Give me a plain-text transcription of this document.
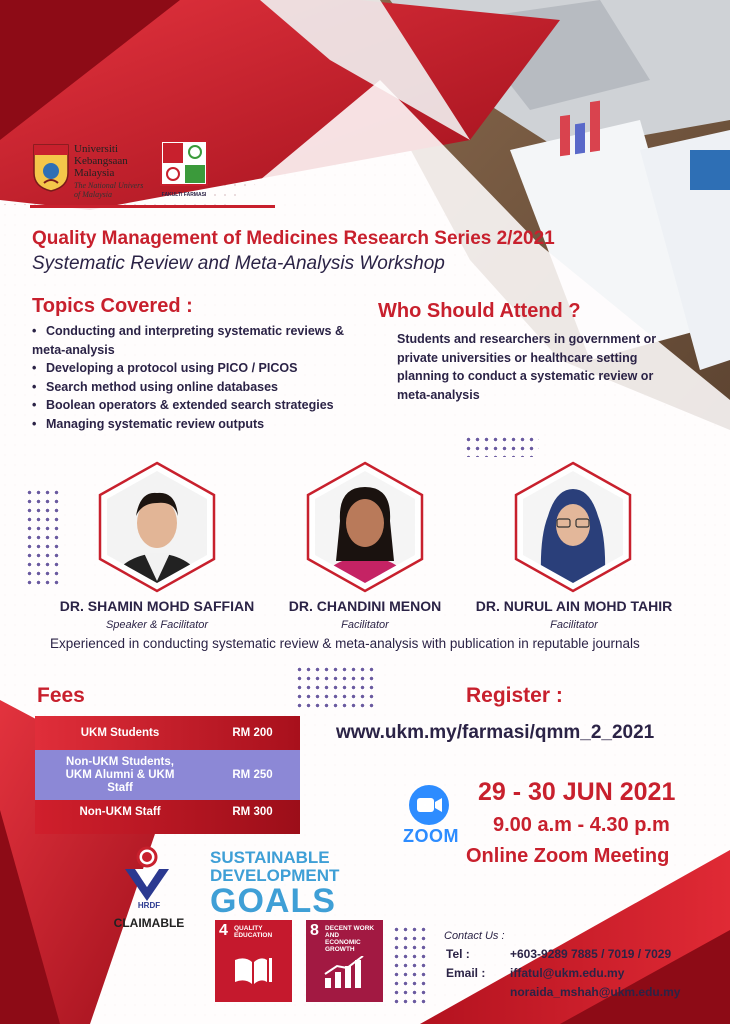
Universiti
Kebangsaan
Malaysia
The National Univers
of Malaysia	FAKULTI FARMASI
Quality Management of Medicines Research Series 2/2021
Systematic Review and Meta-Analysis Workshop
Topics Covered :
• Conducting and interpreting systematic reviews &
meta-analysis
• Developing a protocol using PICO / PICOS
• Search method using online databases
• Boolean operators & extended search strategies
• Managing systematic review outputs
Who Should Attend ?
Students and researchers in government or
private universities or healthcare setting
planning to conduct a systematic review or
meta-analysis
DR. SHAMIN MOHD SAFFIAN
Speaker & Facilitator
DR. CHANDINI MENON
Facilitator
DR. NURUL AIN MOHD TAHIR
Facilitator
Experienced in conducting systematic review & meta-analysis with publication in reputable journals
Fees
UKM Students	RM 200
Non-UKM Students,
UKM Alumni & UKM
Staff
RM 250
Non-UKM Staff	RM 300
Register :
www.ukm.my/farmasi/qmm_2_2021
ZOOM
29 - 30 JUN 2021
9.00 a.m - 4.30 p.m
Online Zoom Meeting
HRDF
CLAIMABLE
SUSTAINABLE
DEVELOPMENT
GOALS
4 QUALITY
EDUCATION 8 DECENT WORK AND
ECONOMIC GROWTH
Contact Us :
Tel :	+603-9289 7885 / 7019 / 7029
Email : iffatul@ukm.edu.my
noraida_mshah@ukm.edu.my
